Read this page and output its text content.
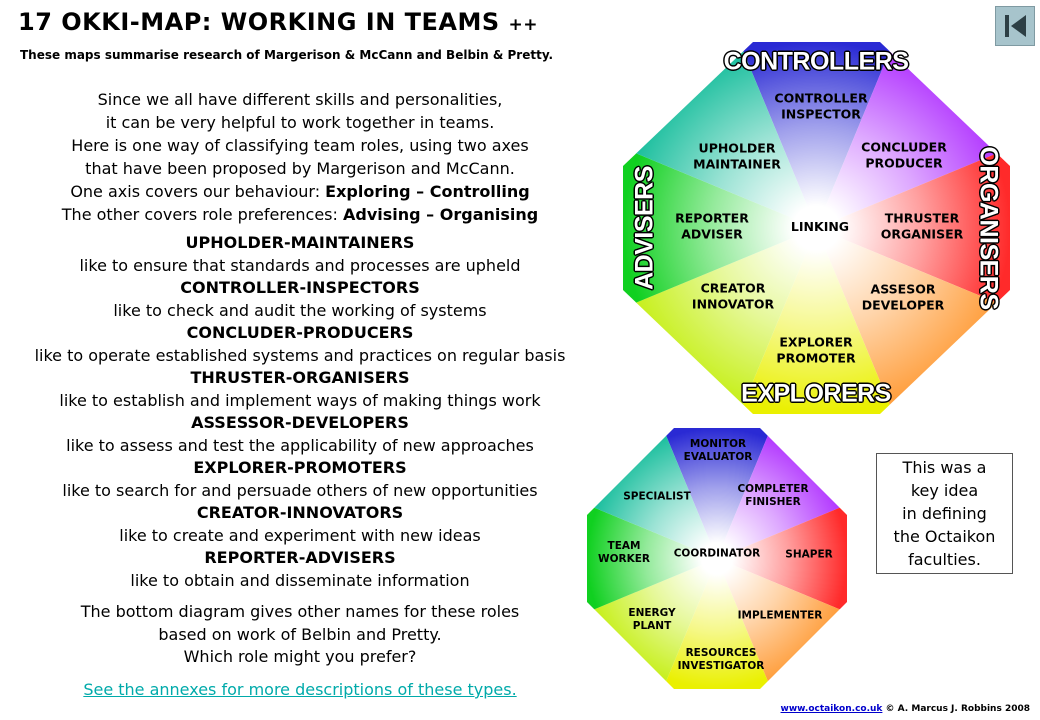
17 OKKI-MAP: WORKING IN TEAMS ++
These maps summarise research of Margerison & McCann and Belbin & Pretty.
Since we all have different skills and personalities,
it can be very helpful to work together in teams.
Here is one way of classifying team roles, using two axes
that have been proposed by Margerison and McCann.
One axis covers our behaviour: Exploring – Controlling
The other covers role preferences: Advising – Organising
UPHOLDER-MAINTAINERS
like to ensure that standards and processes are upheld
CONTROLLER-INSPECTORS
like to check and audit the working of systems
CONCLUDER-PRODUCERS
like to operate established systems and practices on regular basis
THRUSTER-ORGANISERS
like to establish and implement ways of making things work
ASSESSOR-DEVELOPERS
like to assess and test the applicability of new approaches
EXPLORER-PROMOTERS
like to search for and persuade others of new opportunities
CREATOR-INNOVATORS
like to create and experiment with new ideas
REPORTER-ADVISERS
like to obtain and disseminate information
The bottom diagram gives other names for these roles
based on work of Belbin and Pretty.
Which role might you prefer?
See the annexes for more descriptions of these types.
CONTROLLERS
EXPLORERS
ADVISERS	ORGANISERS
CONTROLLER
INSPECTOR
CONCLUDER
PRODUCER
THRUSTER
ORGANISER
ASSESOR
DEVELOPER
EXPLORER
PROMOTER
CREATOR
INNOVATOR
REPORTER
ADVISER
UPHOLDER
MAINTAINER
LINKING
MONITOR
EVALUATOR
COMPLETER
FINISHER
SHAPER
IMPLEMENTER
RESOURCES
INVESTIGATOR
ENERGY
PLANT
TEAM
WORKER
SPECIALIST
COORDINATOR
This was a
key idea
in defining
the Octaikon
faculties.
www.octaikon.co.uk © A. Marcus J. Robbins 2008
